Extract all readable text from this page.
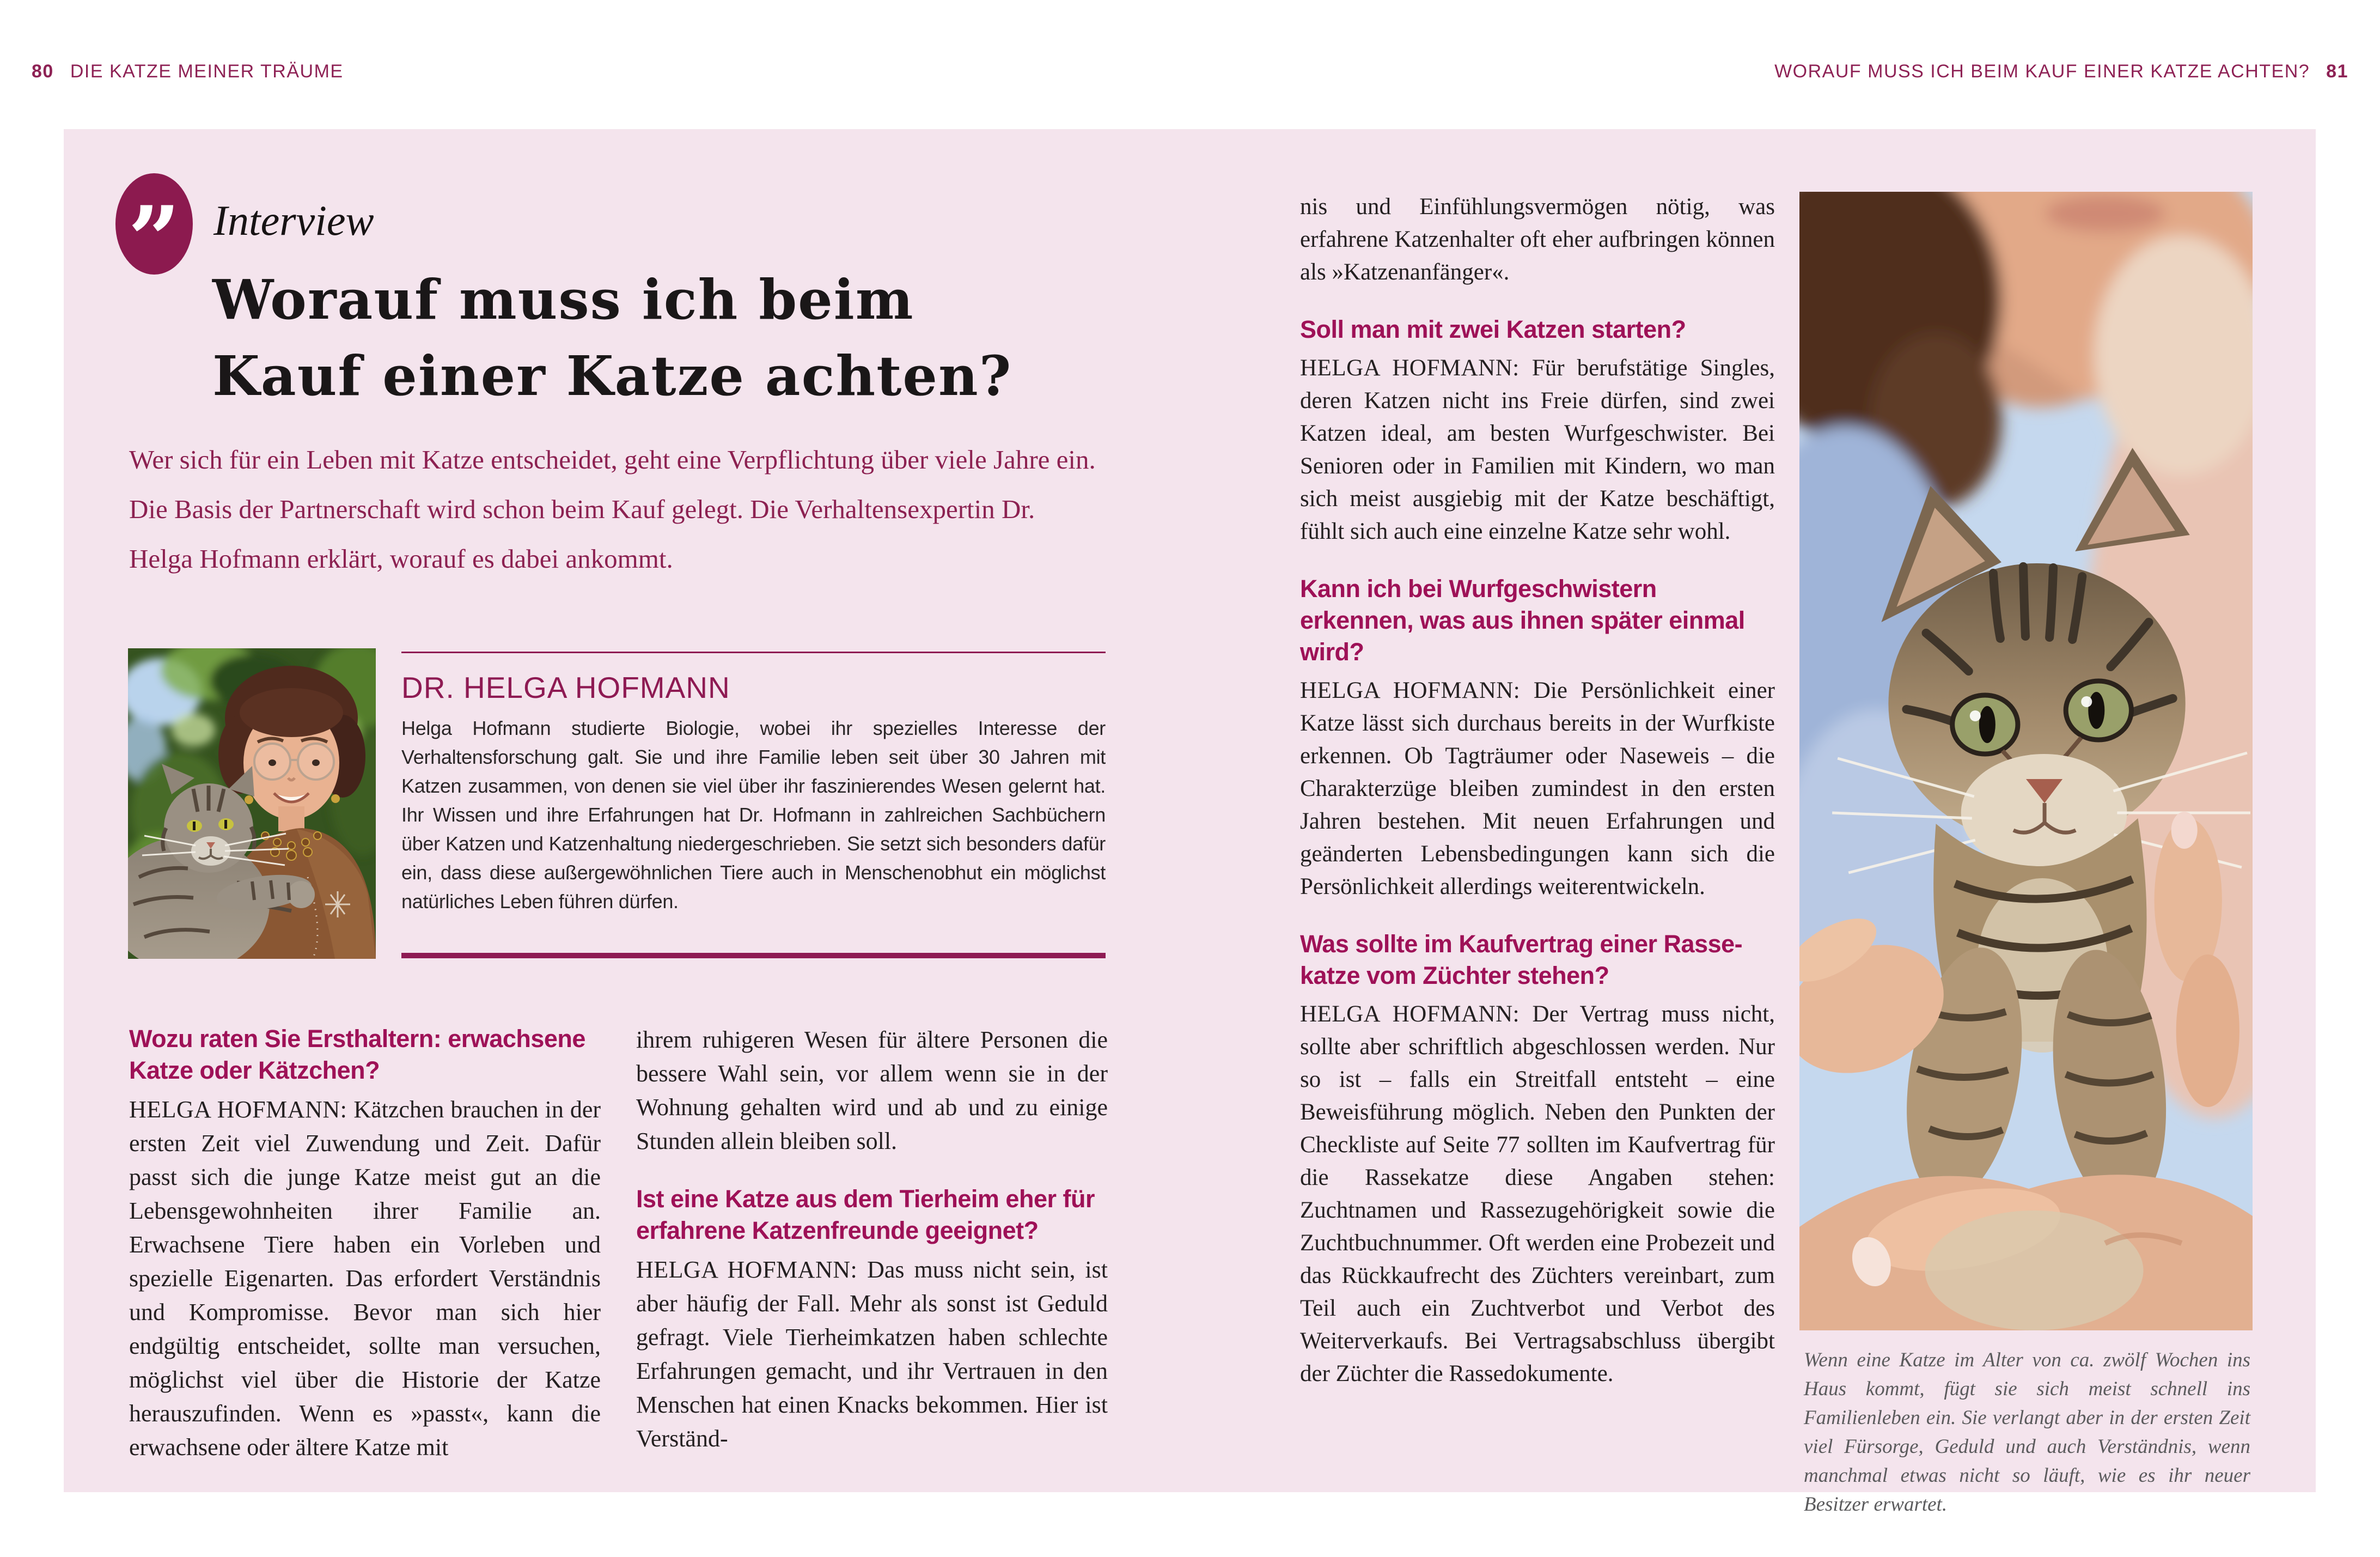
80 DIE KATZE MEINER TRÄUME	WORAUF MUSS ICH BEIM KAUF EINER KATZE ACHTEN? 81
” Interview
Worauf muss ich beim
Kauf einer Katze achten?
Wer sich für ein Leben mit Katze entscheidet, geht eine Verpflichtung über viele Jahre ein. Die Basis der Partnerschaft wird schon beim Kauf gelegt. Die Verhaltensexpertin Dr. Helga Hofmann erklärt, worauf es dabei ankommt.
DR. HELGA HOFMANN
Helga Hofmann studierte Biologie, wobei ihr spezielles Interesse der Verhaltensforschung galt. Sie und ihre Familie leben seit über 30 Jahren mit Katzen zusammen, von denen sie viel über ihr faszinierendes Wesen gelernt hat. Ihr Wissen und ihre Erfahrungen hat Dr. Hofmann in zahlreichen Sachbüchern über Katzen und Katzenhaltung niedergeschrieben. Sie setzt sich besonders dafür ein, dass diese außergewöhnlichen Tiere auch in Menschenobhut ein möglichst natürliches Leben führen dürfen.
Wozu raten Sie Ersthaltern: erwachsene Katze oder Kätzchen?

HELGA HOFMANN: Kätzchen brauchen in der ersten Zeit viel Zuwendung und Zeit. Dafür passt sich die junge Katze meist gut an die Lebensgewohnheiten ihrer Familie an. Erwachsene Tiere haben ein Vorleben und spezielle Eigenarten. Das erfordert Verständnis und Kompromisse. Bevor man sich hier endgültig entscheidet, sollte man versuchen, möglichst viel über die Historie der Katze herauszufinden. Wenn es »passt«, kann die erwachsene oder ältere Katze mit

ihrem ruhigeren Wesen für ältere Personen die bessere Wahl sein, vor allem wenn sie in der Wohnung gehalten wird und ab und zu einige Stunden allein bleiben soll.

Ist eine Katze aus dem Tierheim eher für erfahrene Katzenfreunde geeignet?

HELGA HOFMANN: Das muss nicht sein, ist aber häufig der Fall. Mehr als sonst ist Geduld gefragt. Viele Tierheimkatzen haben schlechte Erfahrungen gemacht, und ihr Vertrauen in den Menschen hat einen Knacks bekommen. Hier ist Verständ-

nis und Einfühlungsvermögen nötig, was erfahrene Katzenhalter oft eher aufbringen können als »Katzenanfänger«.

Soll man mit zwei Katzen starten?

HELGA HOFMANN: Für berufstätige Singles, deren Katzen nicht ins Freie dürfen, sind zwei Katzen ideal, am besten Wurfgeschwister. Bei Senioren oder in Familien mit Kindern, wo man sich meist ausgiebig mit der Katze beschäftigt, fühlt sich auch eine einzelne Katze sehr wohl.

Kann ich bei Wurfgeschwistern erkennen, was aus ihnen später einmal wird?

HELGA HOFMANN: Die Persönlichkeit einer Katze lässt sich durchaus bereits in der Wurfkiste erkennen. Ob Tagträumer oder Naseweis – die Charakterzüge bleiben zumindest in den ersten Jahren bestehen. Mit neuen Erfahrungen und geänderten Lebensbedingungen kann sich die Persönlichkeit allerdings weiterentwickeln.

Was sollte im Kaufvertrag einer Rassekatze vom Züchter stehen?

HELGA HOFMANN: Der Vertrag muss nicht, sollte aber schriftlich abgeschlossen werden. Nur so ist – falls ein Streitfall entsteht – eine Beweisführung möglich. Neben den Punkten der Checkliste auf Seite 77 sollten im Kaufvertrag für die Rassekatze diese Angaben stehen: Zuchtnamen und Rassezugehörigkeit sowie die Zuchtbuchnummer. Oft werden eine Probezeit und das Rückkaufrecht des Züchters vereinbart, zum Teil auch ein Zuchtverbot und Verbot des Weiterverkaufs. Bei Vertragsabschluss übergibt der Züchter die Rassedokumente.

Wenn eine Katze im Alter von ca. zwölf Wochen ins Haus kommt, fügt sie sich meist schnell ins Familienleben ein. Sie verlangt aber in der ersten Zeit viel Fürsorge, Geduld und auch Verständnis, wenn manchmal etwas nicht so läuft, wie es ihr neuer Besitzer erwartet.
